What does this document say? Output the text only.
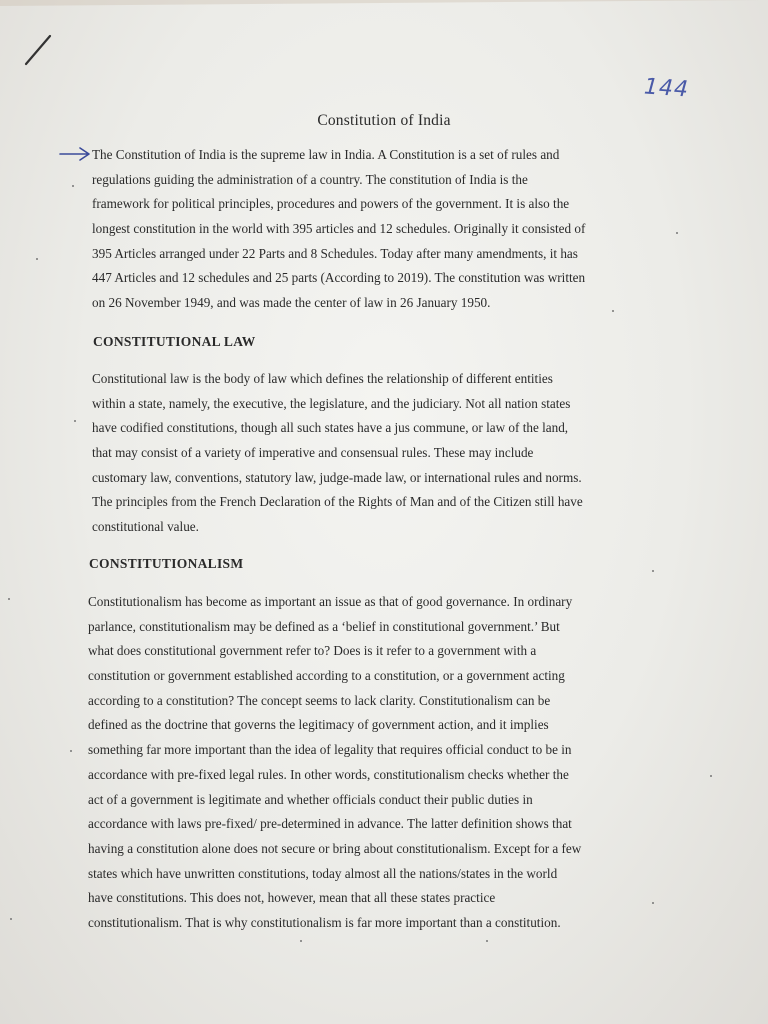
144
Constitution of India
The Constitution of India is the supreme law in India. A Constitution is a set of rules and
regulations guiding the administration of a country. The constitution of India is the
framework for political principles, procedures and powers of the government. It is also the
longest constitution in the world with 395 articles and 12 schedules. Originally it consisted of
395 Articles arranged under 22 Parts and 8 Schedules. Today after many amendments, it has
447 Articles and 12 schedules and 25 parts (According to 2019). The constitution was written
on 26 November 1949, and was made the center of law in 26 January 1950.
CONSTITUTIONAL LAW
Constitutional law is the body of law which defines the relationship of different entities
within a state, namely, the executive, the legislature, and the judiciary. Not all nation states
have codified constitutions, though all such states have a jus commune, or law of the land,
that may consist of a variety of imperative and consensual rules. These may include
customary law, conventions, statutory law, judge-made law, or international rules and norms.
The principles from the French Declaration of the Rights of Man and of the Citizen still have
constitutional value.
CONSTITUTIONALISM
Constitutionalism has become as important an issue as that of good governance. In ordinary
parlance, constitutionalism may be defined as a ‘belief in constitutional government.’ But
what does constitutional government refer to? Does is it refer to a government with a
constitution or government established according to a constitution, or a government acting
according to a constitution? The concept seems to lack clarity. Constitutionalism can be
defined as the doctrine that governs the legitimacy of government action, and it implies
something far more important than the idea of legality that requires official conduct to be in
accordance with pre-fixed legal rules. In other words, constitutionalism checks whether the
act of a government is legitimate and whether officials conduct their public duties in
accordance with laws pre-fixed/ pre-determined in advance. The latter definition shows that
having a constitution alone does not secure or bring about constitutionalism. Except for a few
states which have unwritten constitutions, today almost all the nations/states in the world
have constitutions. This does not, however, mean that all these states practice
constitutionalism. That is why constitutionalism is far more important than a constitution.
